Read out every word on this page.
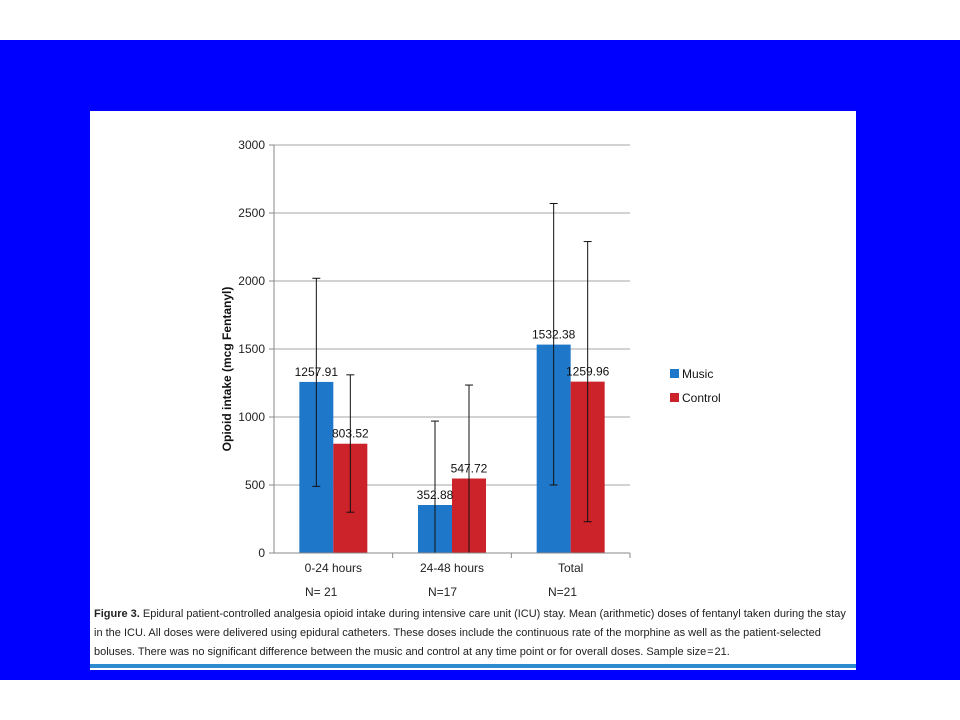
1257.91
803.52
352.88
547.72
1532.38
1259.96
0
500
1000
1500
2000
2500
3000
Opioid intake (mcg Fentanyl)
0-24 hours	24-48 hours	Total
Music
Control
N= 21	N=17	N=21
Figure 3. Epidural patient-controlled analgesia opioid intake during intensive care unit (ICU) stay. Mean (arithmetic) doses of fentanyl taken during the stay in the ICU. All doses were delivered using epidural catheters. These doses include the continuous rate of the morphine as well as the patient-selected boluses. There was no significant difference between the music and control at any time point or for overall doses. Sample size = 21.
